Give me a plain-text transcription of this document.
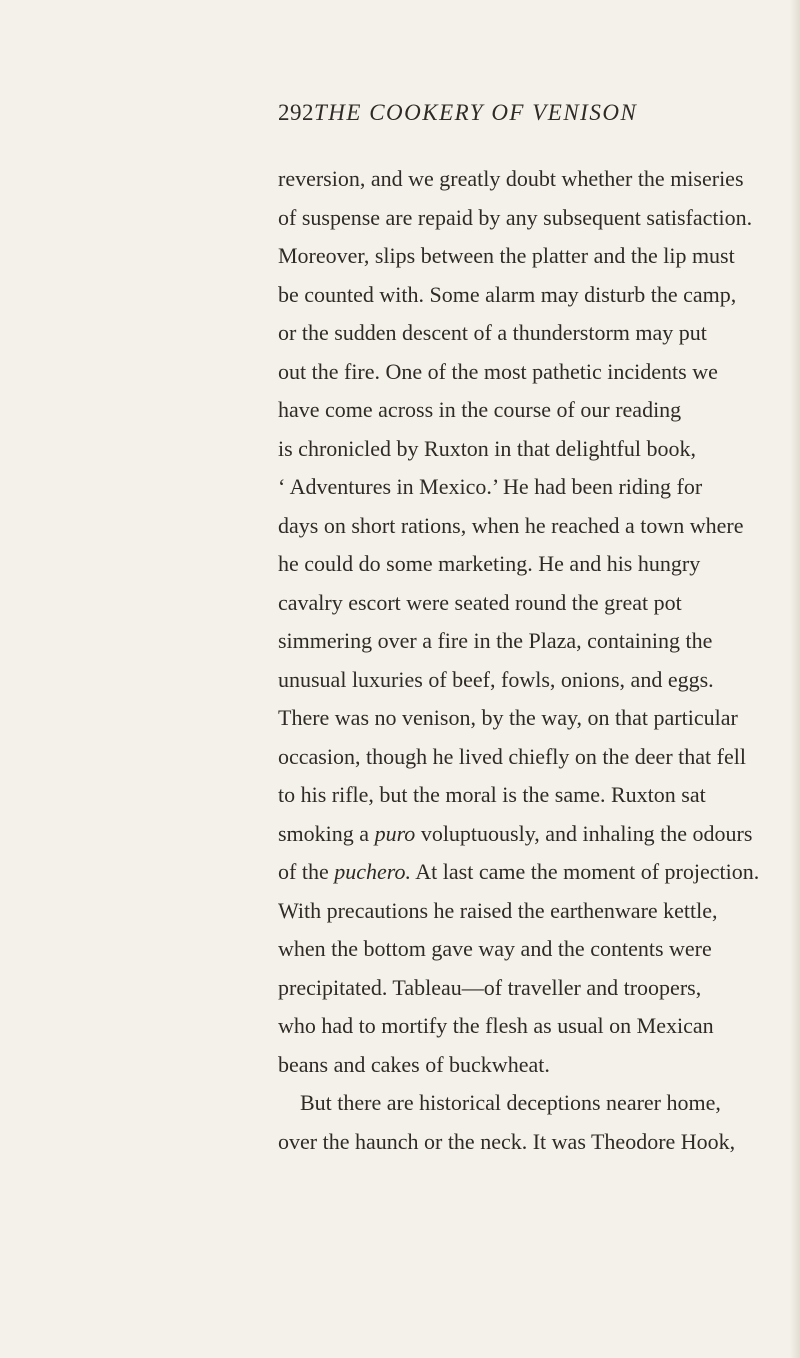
292 THE COOKERY OF VENISON
reversion, and we greatly doubt whether the miseries
of suspense are repaid by any subsequent satisfaction.
Moreover, slips between the platter and the lip must
be counted with. Some alarm may disturb the camp,
or the sudden descent of a thunderstorm may put
out the fire. One of the most pathetic incidents we
have come across in the course of our reading
is chronicled by Ruxton in that delightful book,
‘ Adventures in Mexico.’ He had been riding for
days on short rations, when he reached a town where
he could do some marketing. He and his hungry
cavalry escort were seated round the great pot
simmering over a fire in the Plaza, containing the
unusual luxuries of beef, fowls, onions, and eggs.
There was no venison, by the way, on that particular
occasion, though he lived chiefly on the deer that fell
to his rifle, but the moral is the same. Ruxton sat
smoking a puro voluptuously, and inhaling the odours
of the puchero. At last came the moment of projection.
With precautions he raised the earthenware kettle,
when the bottom gave way and the contents were
precipitated. Tableau—of traveller and troopers,
who had to mortify the flesh as usual on Mexican
beans and cakes of buckwheat.
But there are historical deceptions nearer home,
over the haunch or the neck. It was Theodore Hook,
